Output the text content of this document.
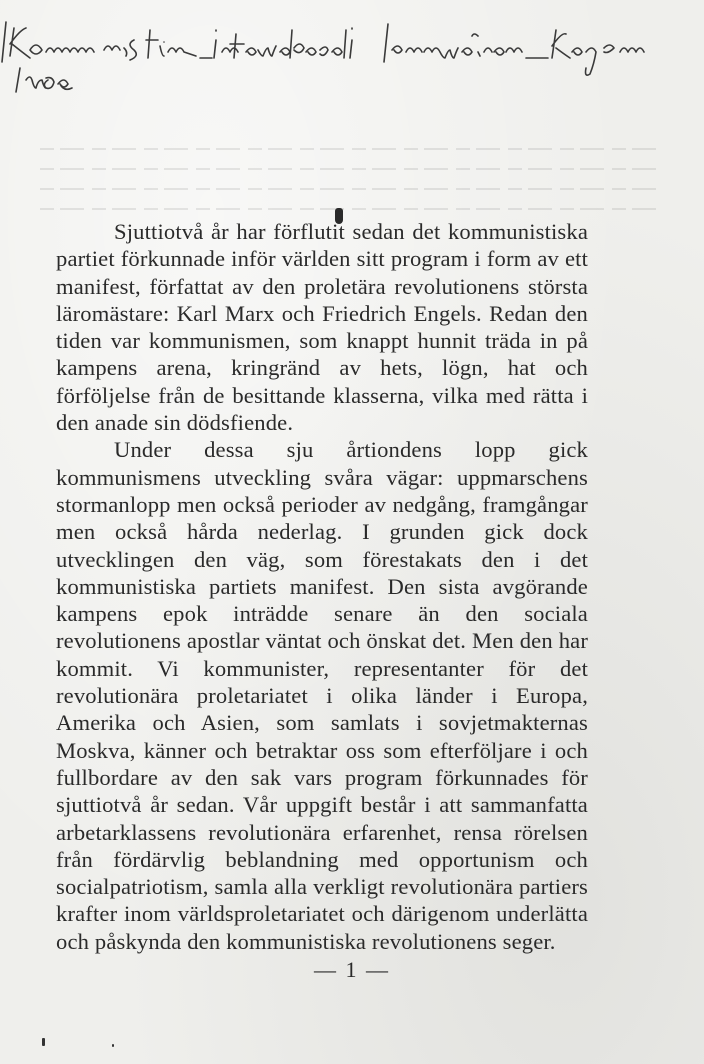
Kommunistiska internationalens manifest
1919

Sjuttiotvå år har förflutit sedan det kommunistiska partiet förkunnade inför världen sitt program i form av ett manifest, författat av den proletära revolutionens största läromästare: Karl Marx och Friedrich Engels. Redan den tiden var kommunismen, som knappt hunnit träda in på kampens arena, kringränd av hets, lögn, hat och förföljelse från de besittande klasserna, vilka med rätta i den anade sin dödsfiende.

Under dessa sju årtiondens lopp gick kommunismens utveckling svåra vägar: uppmarschens stormanlopp men också perioder av nedgång, framgångar men också hårda nederlag. I grunden gick dock utvecklingen den väg, som förestakats den i det kommunistiska partiets manifest. Den sista avgörande kampens epok inträdde senare än den sociala revolutionens apostlar väntat och önskat det. Men den har kommit. Vi kommunister, representanter för det revolutionära proletariatet i olika länder i Europa, Amerika och Asien, som samlats i sovjetmakternas Moskva, känner och betraktar oss som efterföljare i och fullbordare av den sak vars program förkunnades för sjuttiotvå år sedan. Vår uppgift består i att sammanfatta arbetarklassens revolutionära erfarenhet, rensa rörelsen från fördärvlig beblandning med opportunism och socialpatriotism, samla alla verkligt revolutionära partiers krafter inom världsproletariatet och därigenom underlätta och påskynda den kommunistiska revolutionens seger.

— 1 —
